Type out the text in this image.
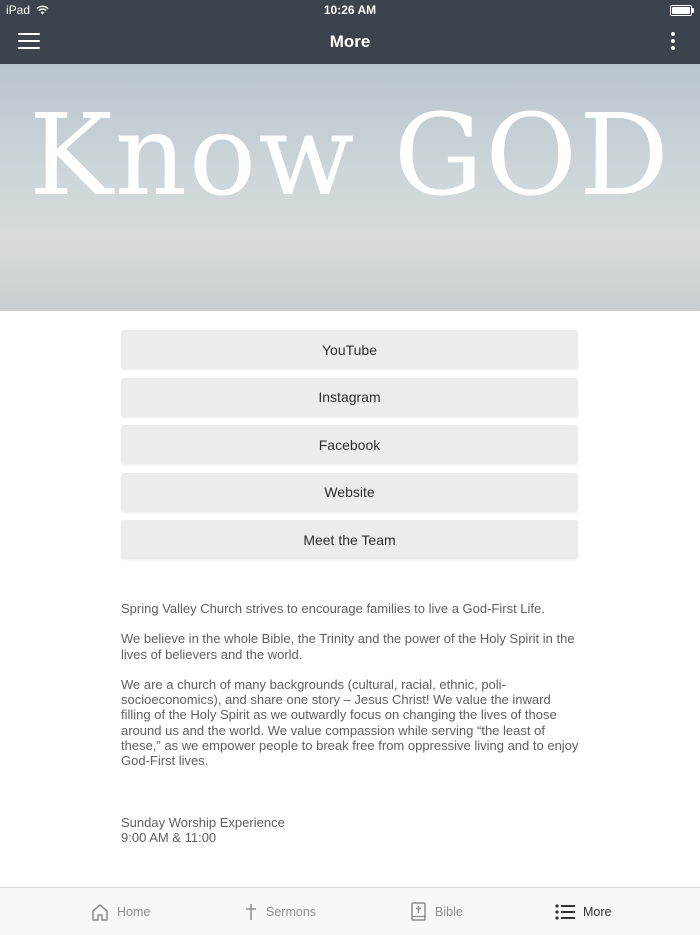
iPad	10:26 AM
More
Know GOD
YouTube
Instagram
Facebook
Website
Meet the Team

Spring Valley Church strives to encourage families to live a God-First Life.

We believe in the whole Bible, the Trinity and the power of the Holy Spirit in the lives of believers and the world.

We are a church of many backgrounds (cultural, racial, ethnic, poli-socioeconomics), and share one story – Jesus Christ! We value the inward filling of the Holy Spirit as we outwardly focus on changing the lives of those around us and the world. We value compassion while serving “the least of these,” as we empower people to break free from oppressive living and to enjoy God-First lives.

Sunday Worship Experience
9:00 AM & 11:00
Home	Sermons	Bible	More
